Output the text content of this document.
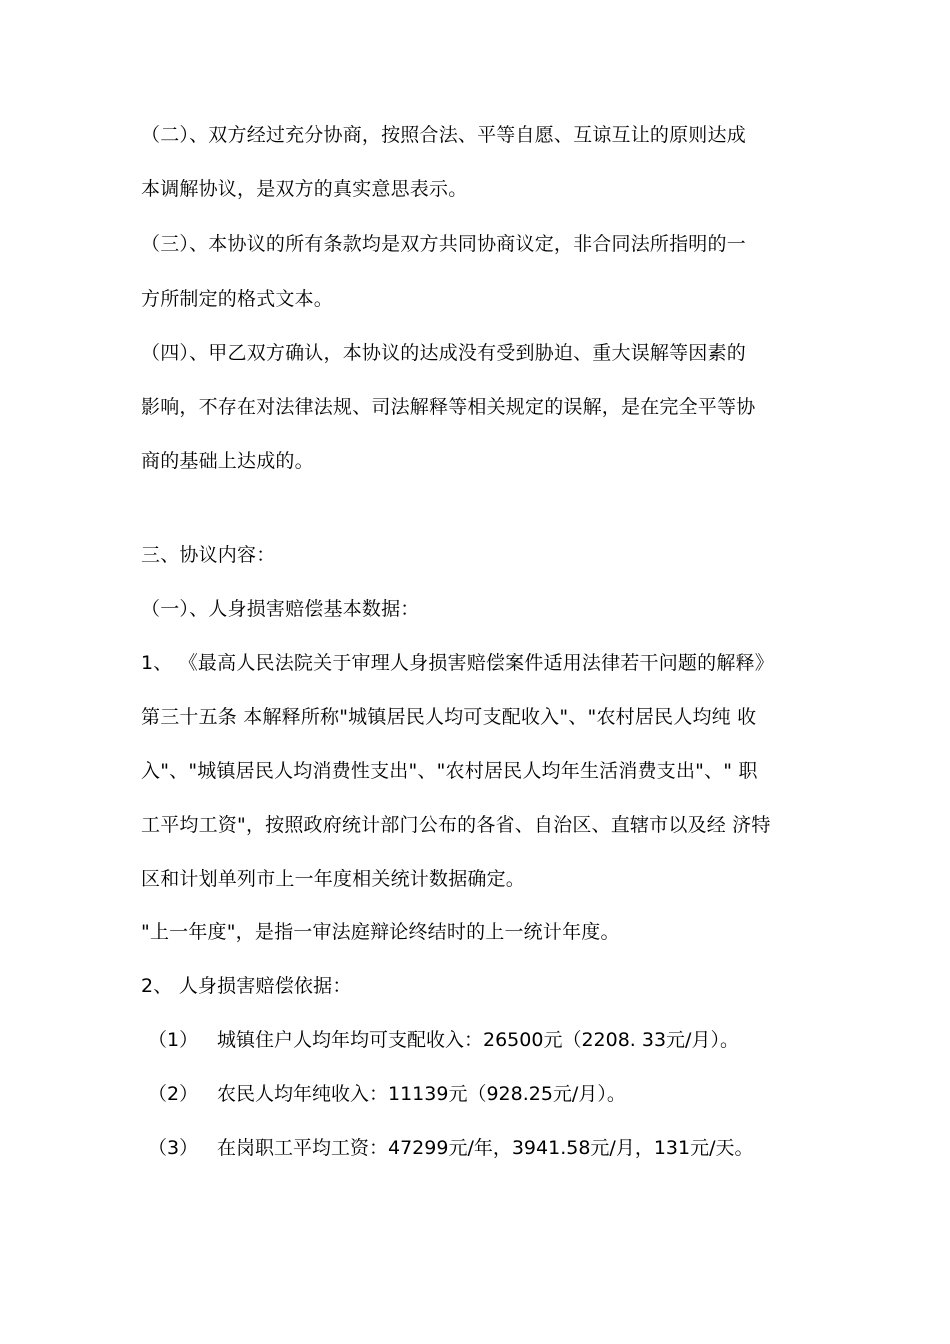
（二）、双方经过充分协商，按照合法、平等自愿、互谅互让的原则达成
本调解协议，是双方的真实意思表示。
（三）、本协议的所有条款均是双方共同协商议定，非合同法所指明的一
方所制定的格式文本。
（四）、甲乙双方确认，本协议的达成没有受到胁迫、重大误解等因素的
影响，不存在对法律法规、司法解释等相关规定的误解，是在完全平等协
商的基础上达成的。
三、协议内容：
（一）、人身损害赔偿基本数据：
1、 《最高人民法院关于审理人身损害赔偿案件适用法律若干问题的解释》
第三十五条 本解释所称"城镇居民人均可支配收入"、"农村居民人均纯 收
入"、"城镇居民人均消费性支出"、"农村居民人均年生活消费支出"、" 职
工平均工资"，按照政府统计部门公布的各省、自治区、直辖市以及经 济特
区和计划单列市上一年度相关统计数据确定。
"上一年度"，是指一审法庭辩论终结时的上一统计年度。
2、 人身损害赔偿依据：
（1） 城镇住户人均年均可支配收入：26500元（2208. 33元/月）。
（2） 农民人均年纯收入：11139元（928.25元/月）。
（3） 在岗职工平均工资：47299元/年，3941.58元/月，131元/天。
